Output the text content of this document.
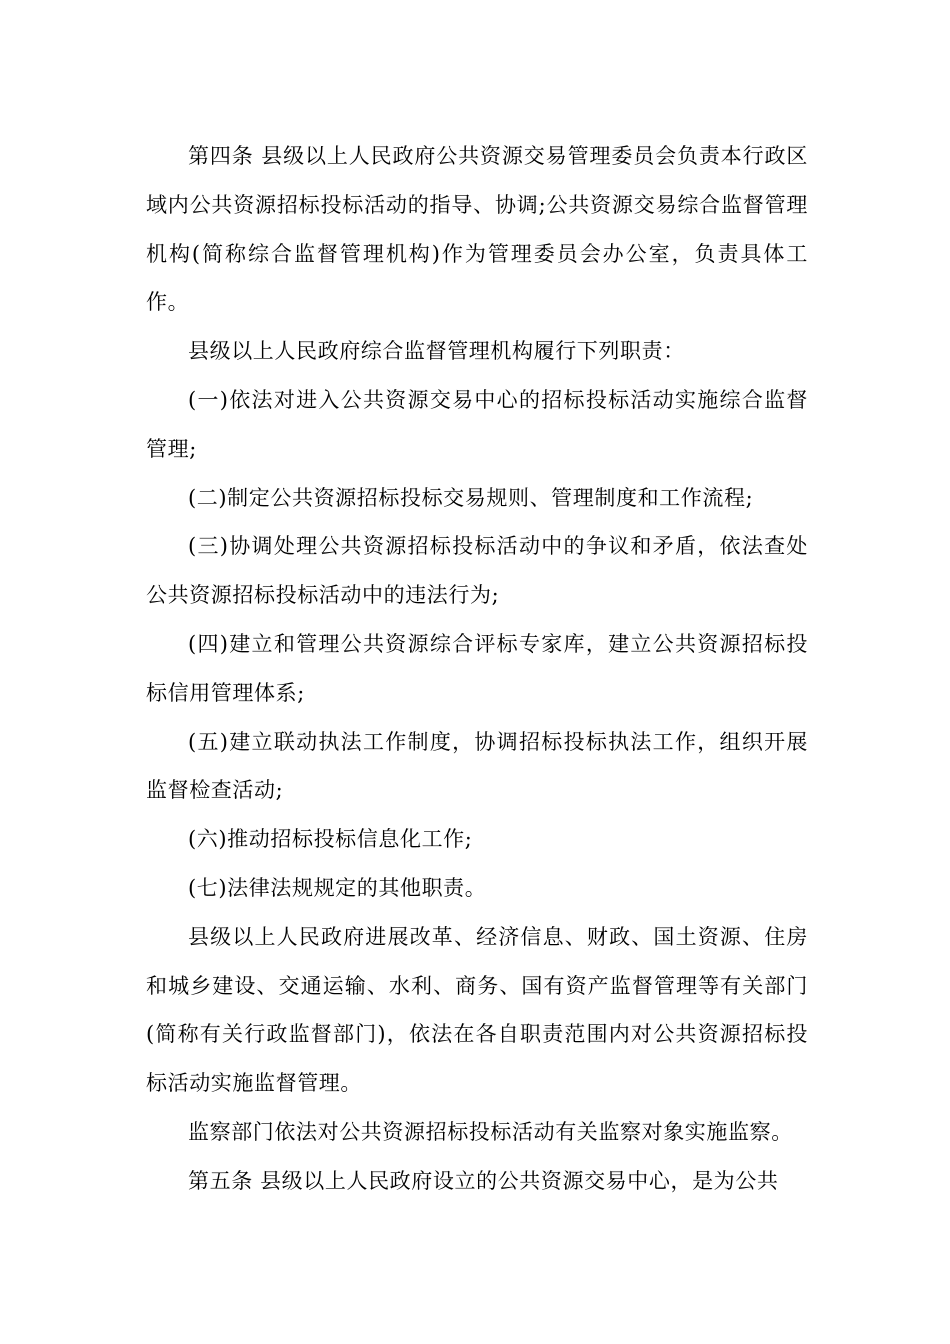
第四条 县级以上人民政府公共资源交易管理委员会负责本行政区域内公共资源招标投标活动的指导、协调;公共资源交易综合监督管理机构(简称综合监督管理机构)作为管理委员会办公室，负责具体工作。

县级以上人民政府综合监督管理机构履行下列职责：

(一)依法对进入公共资源交易中心的招标投标活动实施综合监督管理;

(二)制定公共资源招标投标交易规则、管理制度和工作流程;

(三)协调处理公共资源招标投标活动中的争议和矛盾，依法查处公共资源招标投标活动中的违法行为;

(四)建立和管理公共资源综合评标专家库，建立公共资源招标投标信用管理体系;

(五)建立联动执法工作制度，协调招标投标执法工作，组织开展监督检查活动;

(六)推动招标投标信息化工作;

(七)法律法规规定的其他职责。

县级以上人民政府进展改革、经济信息、财政、国土资源、住房和城乡建设、交通运输、水利、商务、国有资产监督管理等有关部门(简称有关行政监督部门)，依法在各自职责范围内对公共资源招标投标活动实施监督管理。

监察部门依法对公共资源招标投标活动有关监察对象实施监察。

第五条 县级以上人民政府设立的公共资源交易中心，是为公共
